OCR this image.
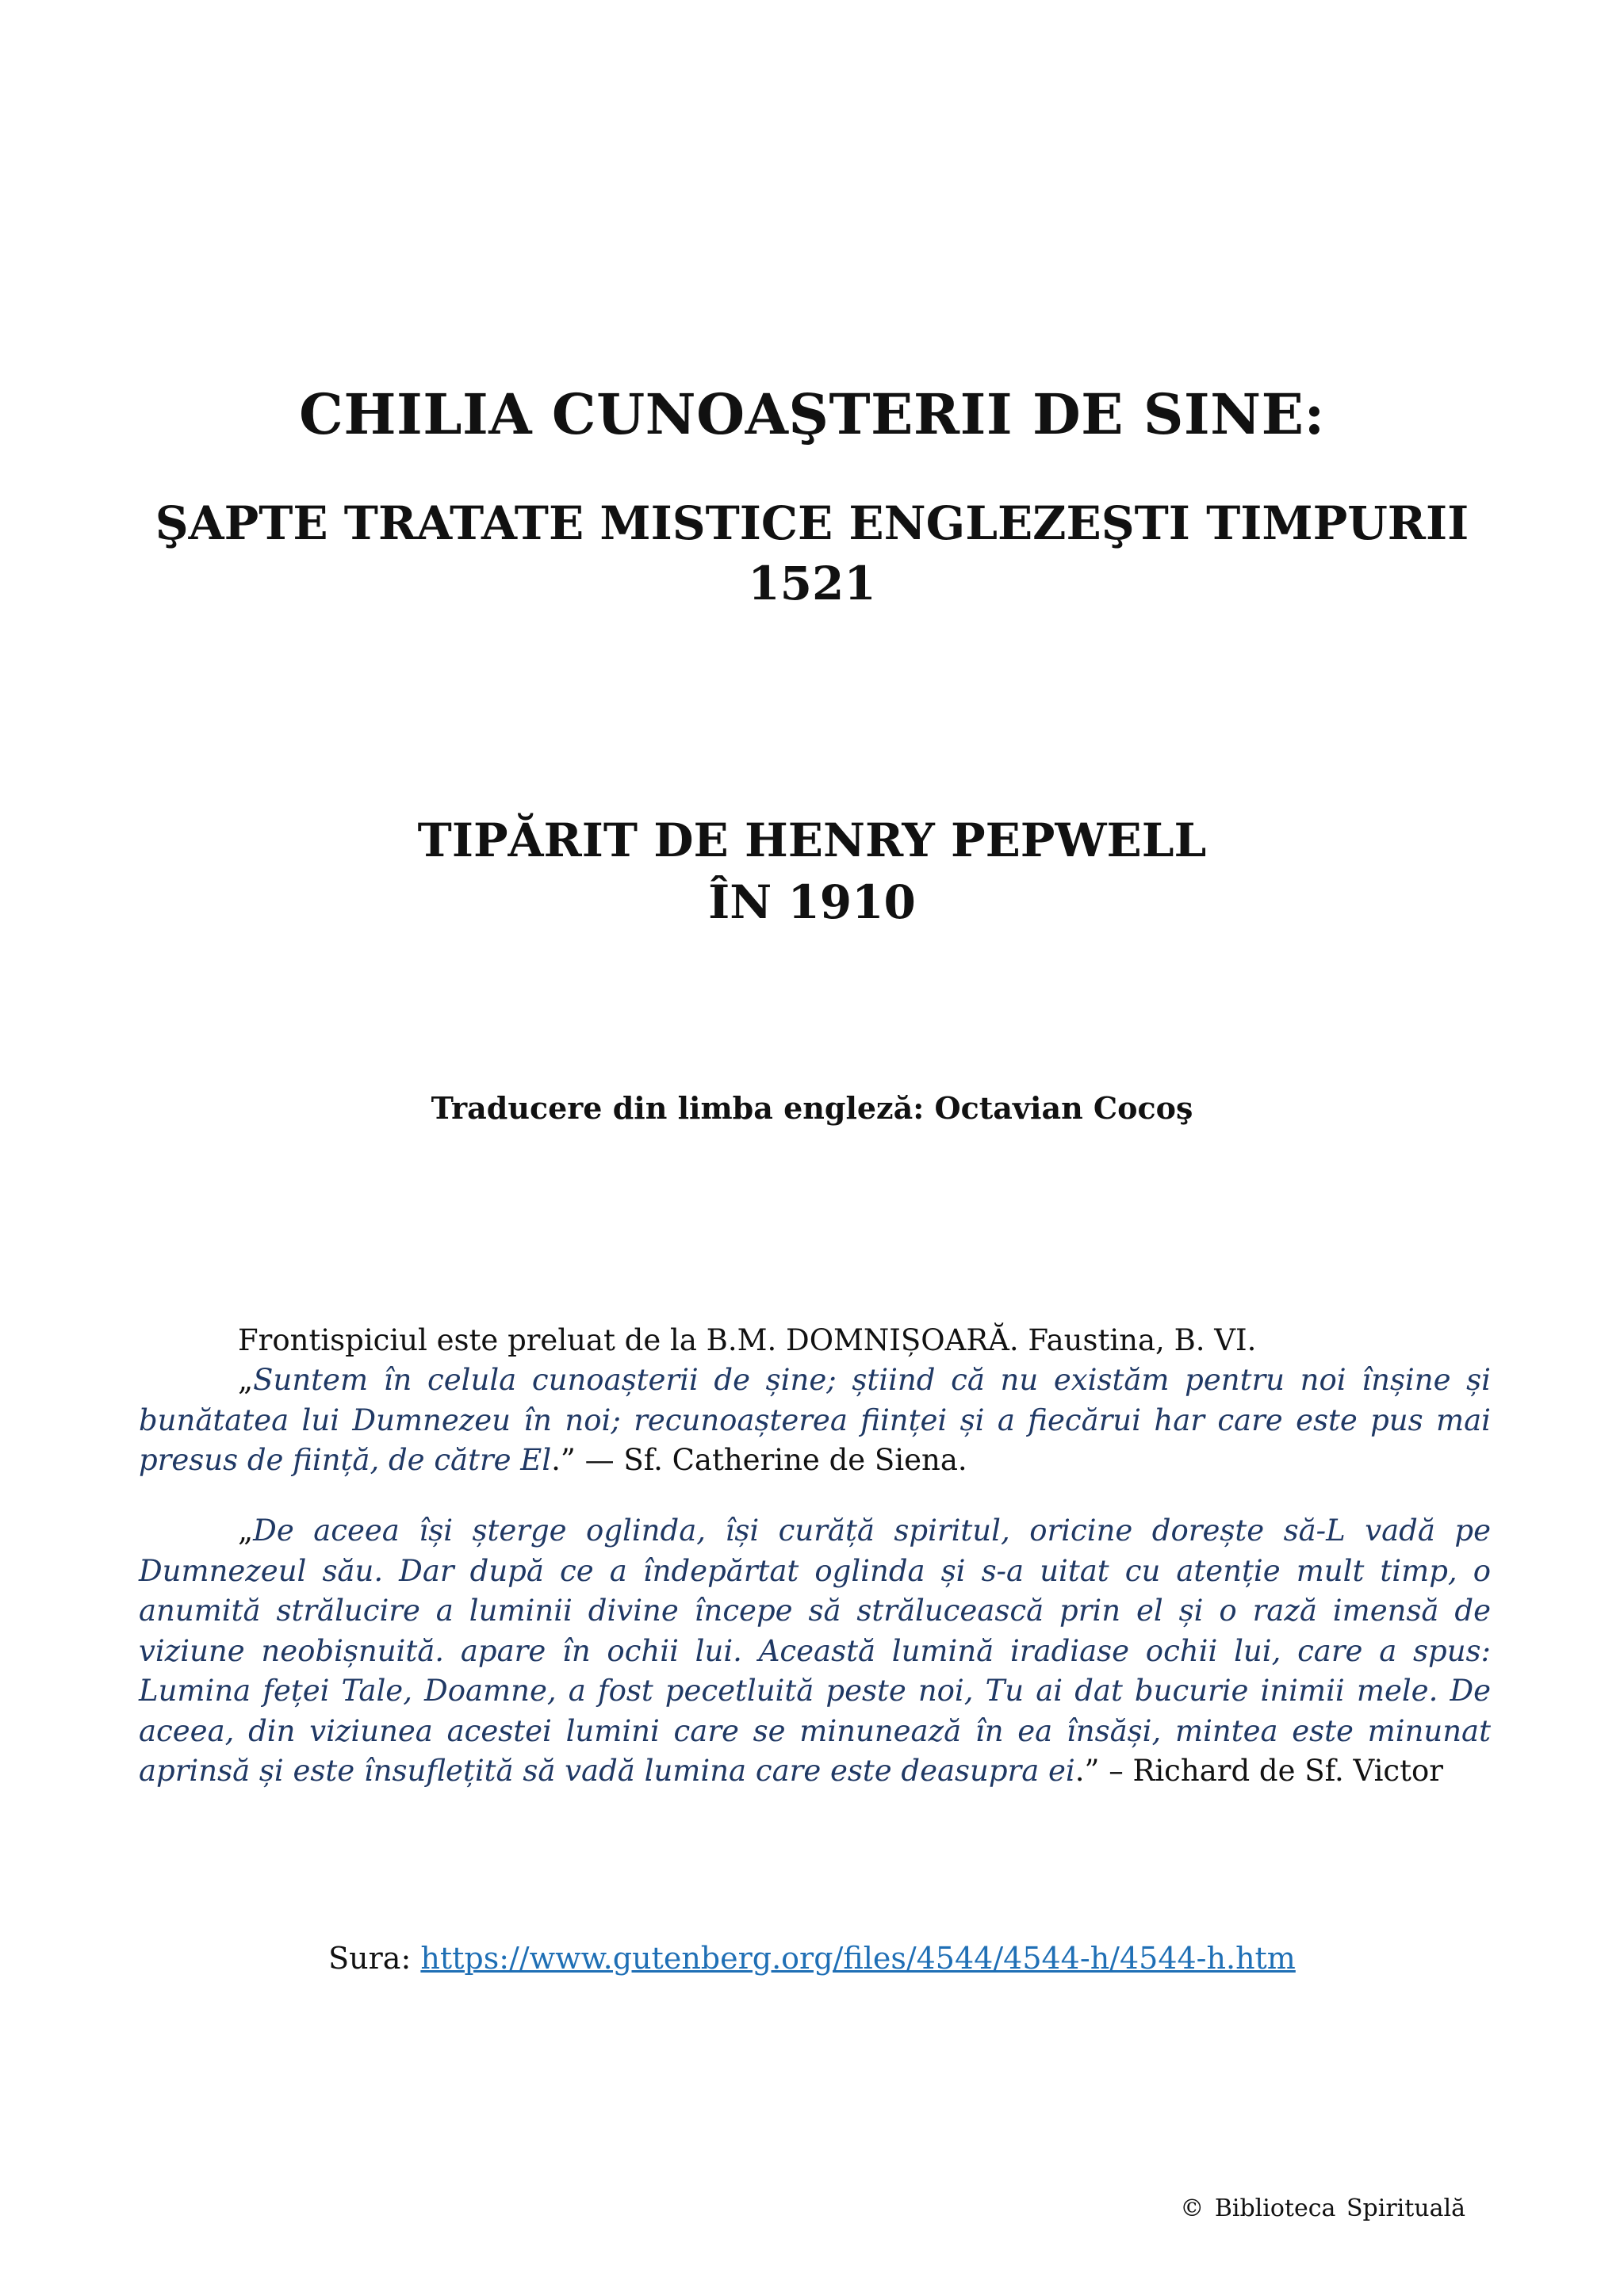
CHILIA CUNOAŞTERII DE SINE:
ŞAPTE TRATATE MISTICE ENGLEZEŞTI TIMPURII
1521
TIPĂRIT DE HENRY PEPWELL
ÎN 1910
Traducere din limba engleză: Octavian Cocoş
Frontispiciul este preluat de la B.M. DOMNIȘOARĂ. Faustina, B. VI.
„Suntem în celula cunoașterii de șine; știind că nu existăm pentru noi înșine și bunătatea lui Dumnezeu în noi; recunoașterea ființei și a fiecărui har care este pus mai presus de ființă, de către El.” — Sf. Catherine de Siena.
„De aceea își șterge oglinda, își curăță spiritul, oricine dorește să-L vadă pe Dumnezeul său. Dar după ce a îndepărtat oglinda și s-a uitat cu atenție mult timp, o anumită strălucire a luminii divine începe să strălucească prin el și o rază imensă de viziune neobișnuită. apare în ochii lui. Această lumină iradiase ochii lui, care a spus: Lumina feței Tale, Doamne, a fost pecetluită peste noi, Tu ai dat bucurie inimii mele. De aceea, din viziunea acestei lumini care se minunează în ea însăși, mintea este minunat aprinsă și este însuflețită să vadă lumina care este deasupra ei.” – Richard de Sf. Victor
Sura: https://www.gutenberg.org/files/4544/4544-h/4544-h.htm
© Biblioteca Spirituală
